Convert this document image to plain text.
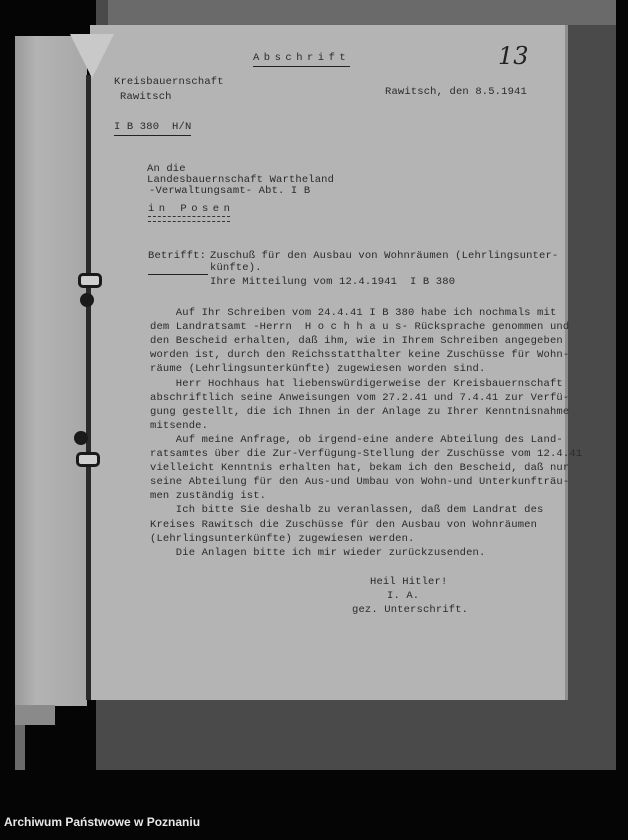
Abschrift	13
Kreisbauernschaft
Rawitsch
I B 380  H/N
Rawitsch, den 8.5.1941
An die
Landesbauernschaft Wartheland
-Verwaltungsamt- Abt. I B
in Posen
Betrifft: Zuschuß für den Ausbau von Wohnräumen (Lehrlingsunter-
künfte).
Ihre Mitteilung vom 12.4.1941  I B 380
Auf Ihr Schreiben vom 24.4.41 I B 380 habe ich nochmals mit
dem Landratsamt -Herrn  H o c h h a u s- Rücksprache genommen und
den Bescheid erhalten, daß ihm, wie in Ihrem Schreiben angegeben
worden ist, durch den Reichsstatthalter keine Zuschüsse für Wohn-
räume (Lehrlingsunterkünfte) zugewiesen worden sind.
Herr Hochhaus hat liebenswürdigerweise der Kreisbauernschaft
abschriftlich seine Anweisungen vom 27.2.41 und 7.4.41 zur Verfü-
gung gestellt, die ich Ihnen in der Anlage zu Ihrer Kenntnisnahme
mitsende.
Auf meine Anfrage, ob irgend-eine andere Abteilung des Land-
ratsamtes über die Zur-Verfügung-Stellung der Zuschüsse vom 12.4.41
vielleicht Kenntnis erhalten hat, bekam ich den Bescheid, daß nur
seine Abteilung für den Aus-und Umbau von Wohn-und Unterkunfträu-
men zuständig ist.
Ich bitte Sie deshalb zu veranlassen, daß dem Landrat des
Kreises Rawitsch die Zuschüsse für den Ausbau von Wohnräumen
(Lehrlingsunterkünfte) zugewiesen werden.
Die Anlagen bitte ich mir wieder zurückzusenden.
Heil Hitler!
I. A.
gez. Unterschrift.
Archiwum Państwowe w Poznaniu
